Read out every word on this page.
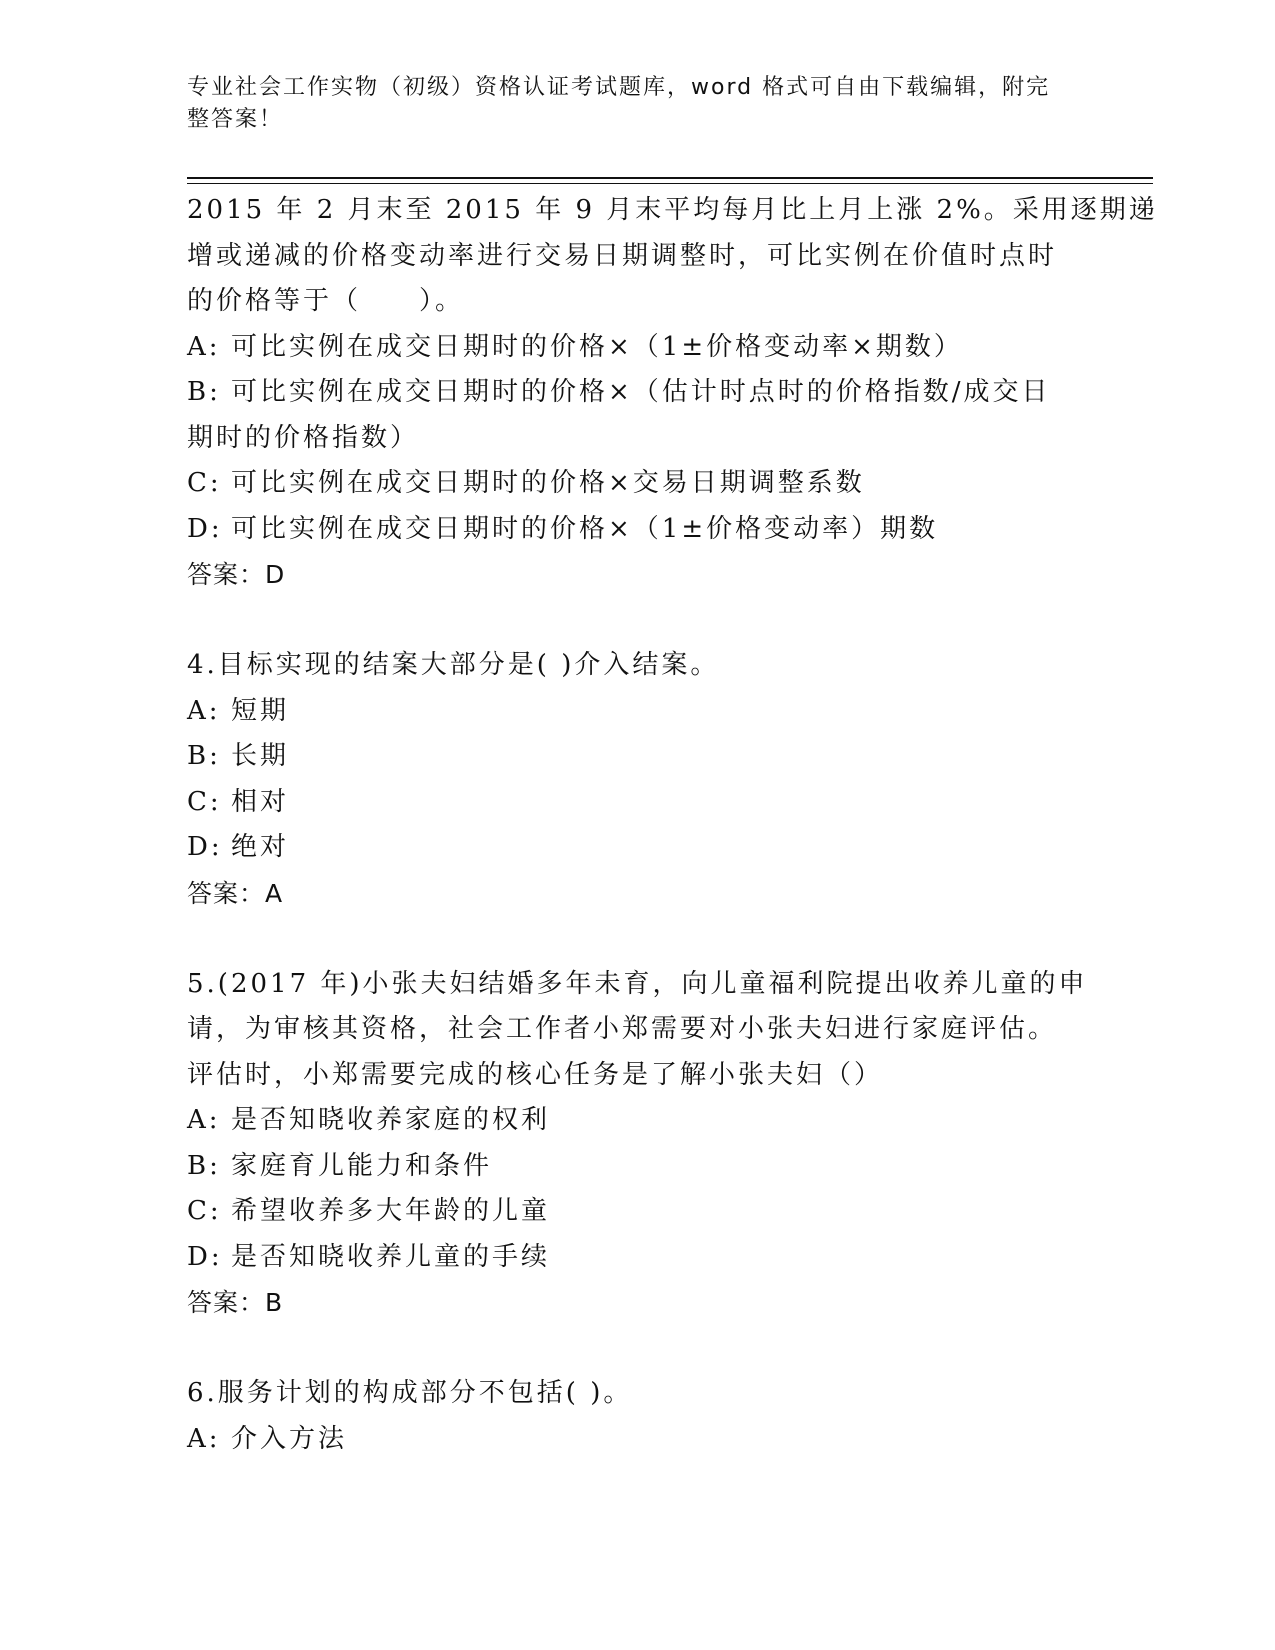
专业社会工作实物（初级）资格认证考试题库，word 格式可自由下载编辑，附完
整答案！
2015 年 2 月末至 2015 年 9 月末平均每月比上月上涨 2%。采用逐期递
增或递减的价格变动率进行交易日期调整时，可比实例在价值时点时
的价格等于（　　）。
A: 可比实例在成交日期时的价格×（1±价格变动率×期数）
B: 可比实例在成交日期时的价格×（估计时点时的价格指数/成交日
期时的价格指数）
C: 可比实例在成交日期时的价格×交易日期调整系数
D: 可比实例在成交日期时的价格×（1±价格变动率）期数
答案：D
4.目标实现的结案大部分是( )介入结案。
A: 短期
B: 长期
C: 相对
D: 绝对
答案：A
5.(2017 年)小张夫妇结婚多年未育，向儿童福利院提出收养儿童的申
请，为审核其资格，社会工作者小郑需要对小张夫妇进行家庭评估。
评估时，小郑需要完成的核心任务是了解小张夫妇（）
A: 是否知晓收养家庭的权利
B: 家庭育儿能力和条件
C: 希望收养多大年龄的儿童
D: 是否知晓收养儿童的手续
答案：B
6.服务计划的构成部分不包括( )。
A: 介入方法
